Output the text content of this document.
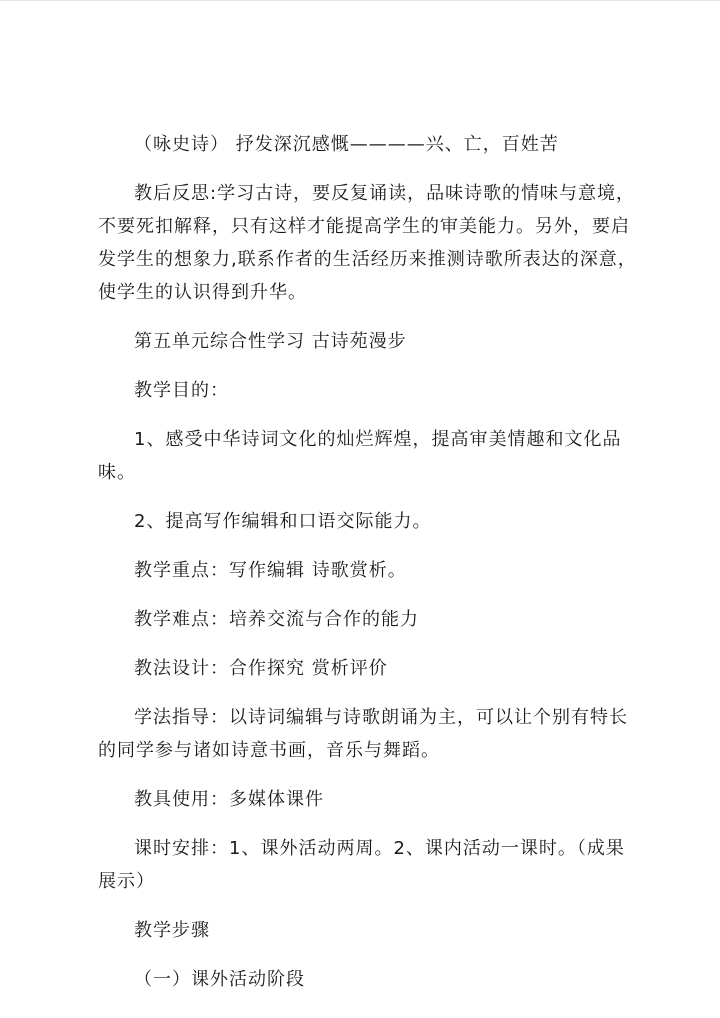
（咏史诗） 抒发深沉感慨————兴、亡，百姓苦

教后反思:学习古诗，要反复诵读，品味诗歌的情味与意境，不要死扣解释，只有这样才能提高学生的审美能力。另外，要启发学生的想象力,联系作者的生活经历来推测诗歌所表达的深意，使学生的认识得到升华。

第五单元综合性学习 古诗苑漫步

教学目的：

1、感受中华诗词文化的灿烂辉煌，提高审美情趣和文化品味。

2、提高写作编辑和口语交际能力。

教学重点：写作编辑 诗歌赏析。

教学难点：培养交流与合作的能力

教法设计：合作探究 赏析评价

学法指导：以诗词编辑与诗歌朗诵为主，可以让个别有特长的同学参与诸如诗意书画，音乐与舞蹈。

教具使用：多媒体课件

课时安排：1、课外活动两周。2、课内活动一课时。（成果展示）

教学步骤

（一）课外活动阶段
